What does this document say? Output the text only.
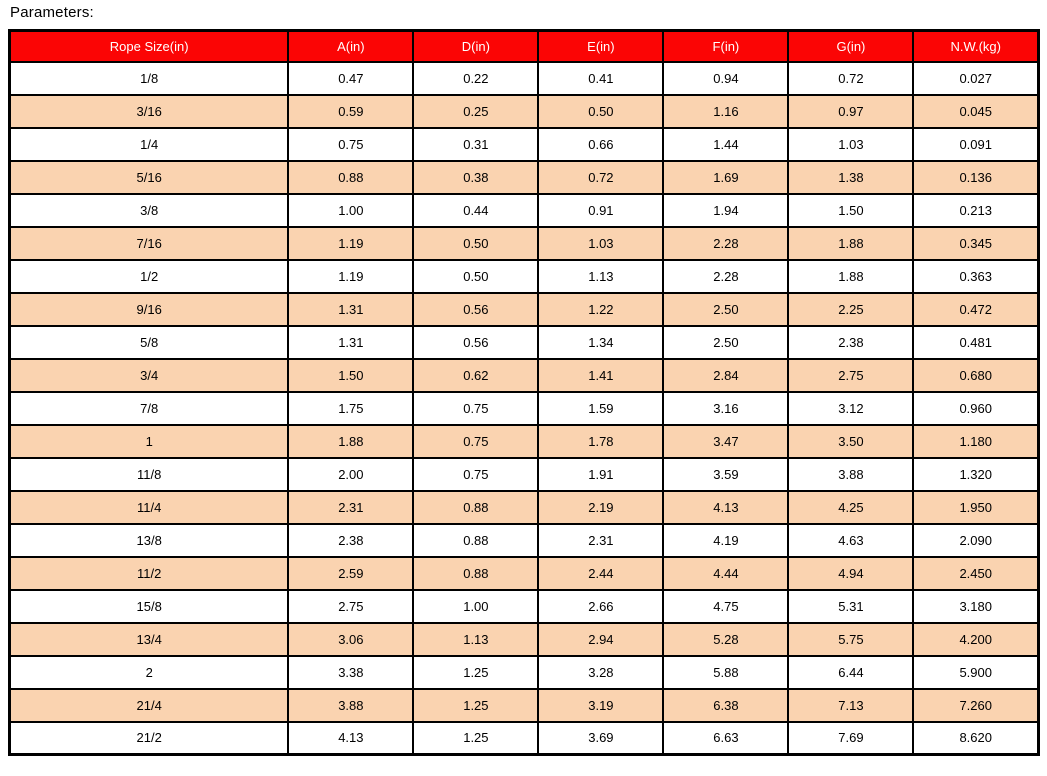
Parameters:
Rope Size(in)	A(in)	D(in)	E(in)	F(in)	G(in)	N.W.(kg)
1/8	0.47	0.22	0.41	0.94	0.72	0.027
3/16	0.59	0.25	0.50	1.16	0.97	0.045
1/4	0.75	0.31	0.66	1.44	1.03	0.091
5/16	0.88	0.38	0.72	1.69	1.38	0.136
3/8	1.00	0.44	0.91	1.94	1.50	0.213
7/16	1.19	0.50	1.03	2.28	1.88	0.345
1/2	1.19	0.50	1.13	2.28	1.88	0.363
9/16	1.31	0.56	1.22	2.50	2.25	0.472
5/8	1.31	0.56	1.34	2.50	2.38	0.481
3/4	1.50	0.62	1.41	2.84	2.75	0.680
7/8	1.75	0.75	1.59	3.16	3.12	0.960
1	1.88	0.75	1.78	3.47	3.50	1.180
11/8	2.00	0.75	1.91	3.59	3.88	1.320
11/4	2.31	0.88	2.19	4.13	4.25	1.950
13/8	2.38	0.88	2.31	4.19	4.63	2.090
11/2	2.59	0.88	2.44	4.44	4.94	2.450
15/8	2.75	1.00	2.66	4.75	5.31	3.180
13/4	3.06	1.13	2.94	5.28	5.75	4.200
2	3.38	1.25	3.28	5.88	6.44	5.900
21/4	3.88	1.25	3.19	6.38	7.13	7.260
21/2	4.13	1.25	3.69	6.63	7.69	8.620
